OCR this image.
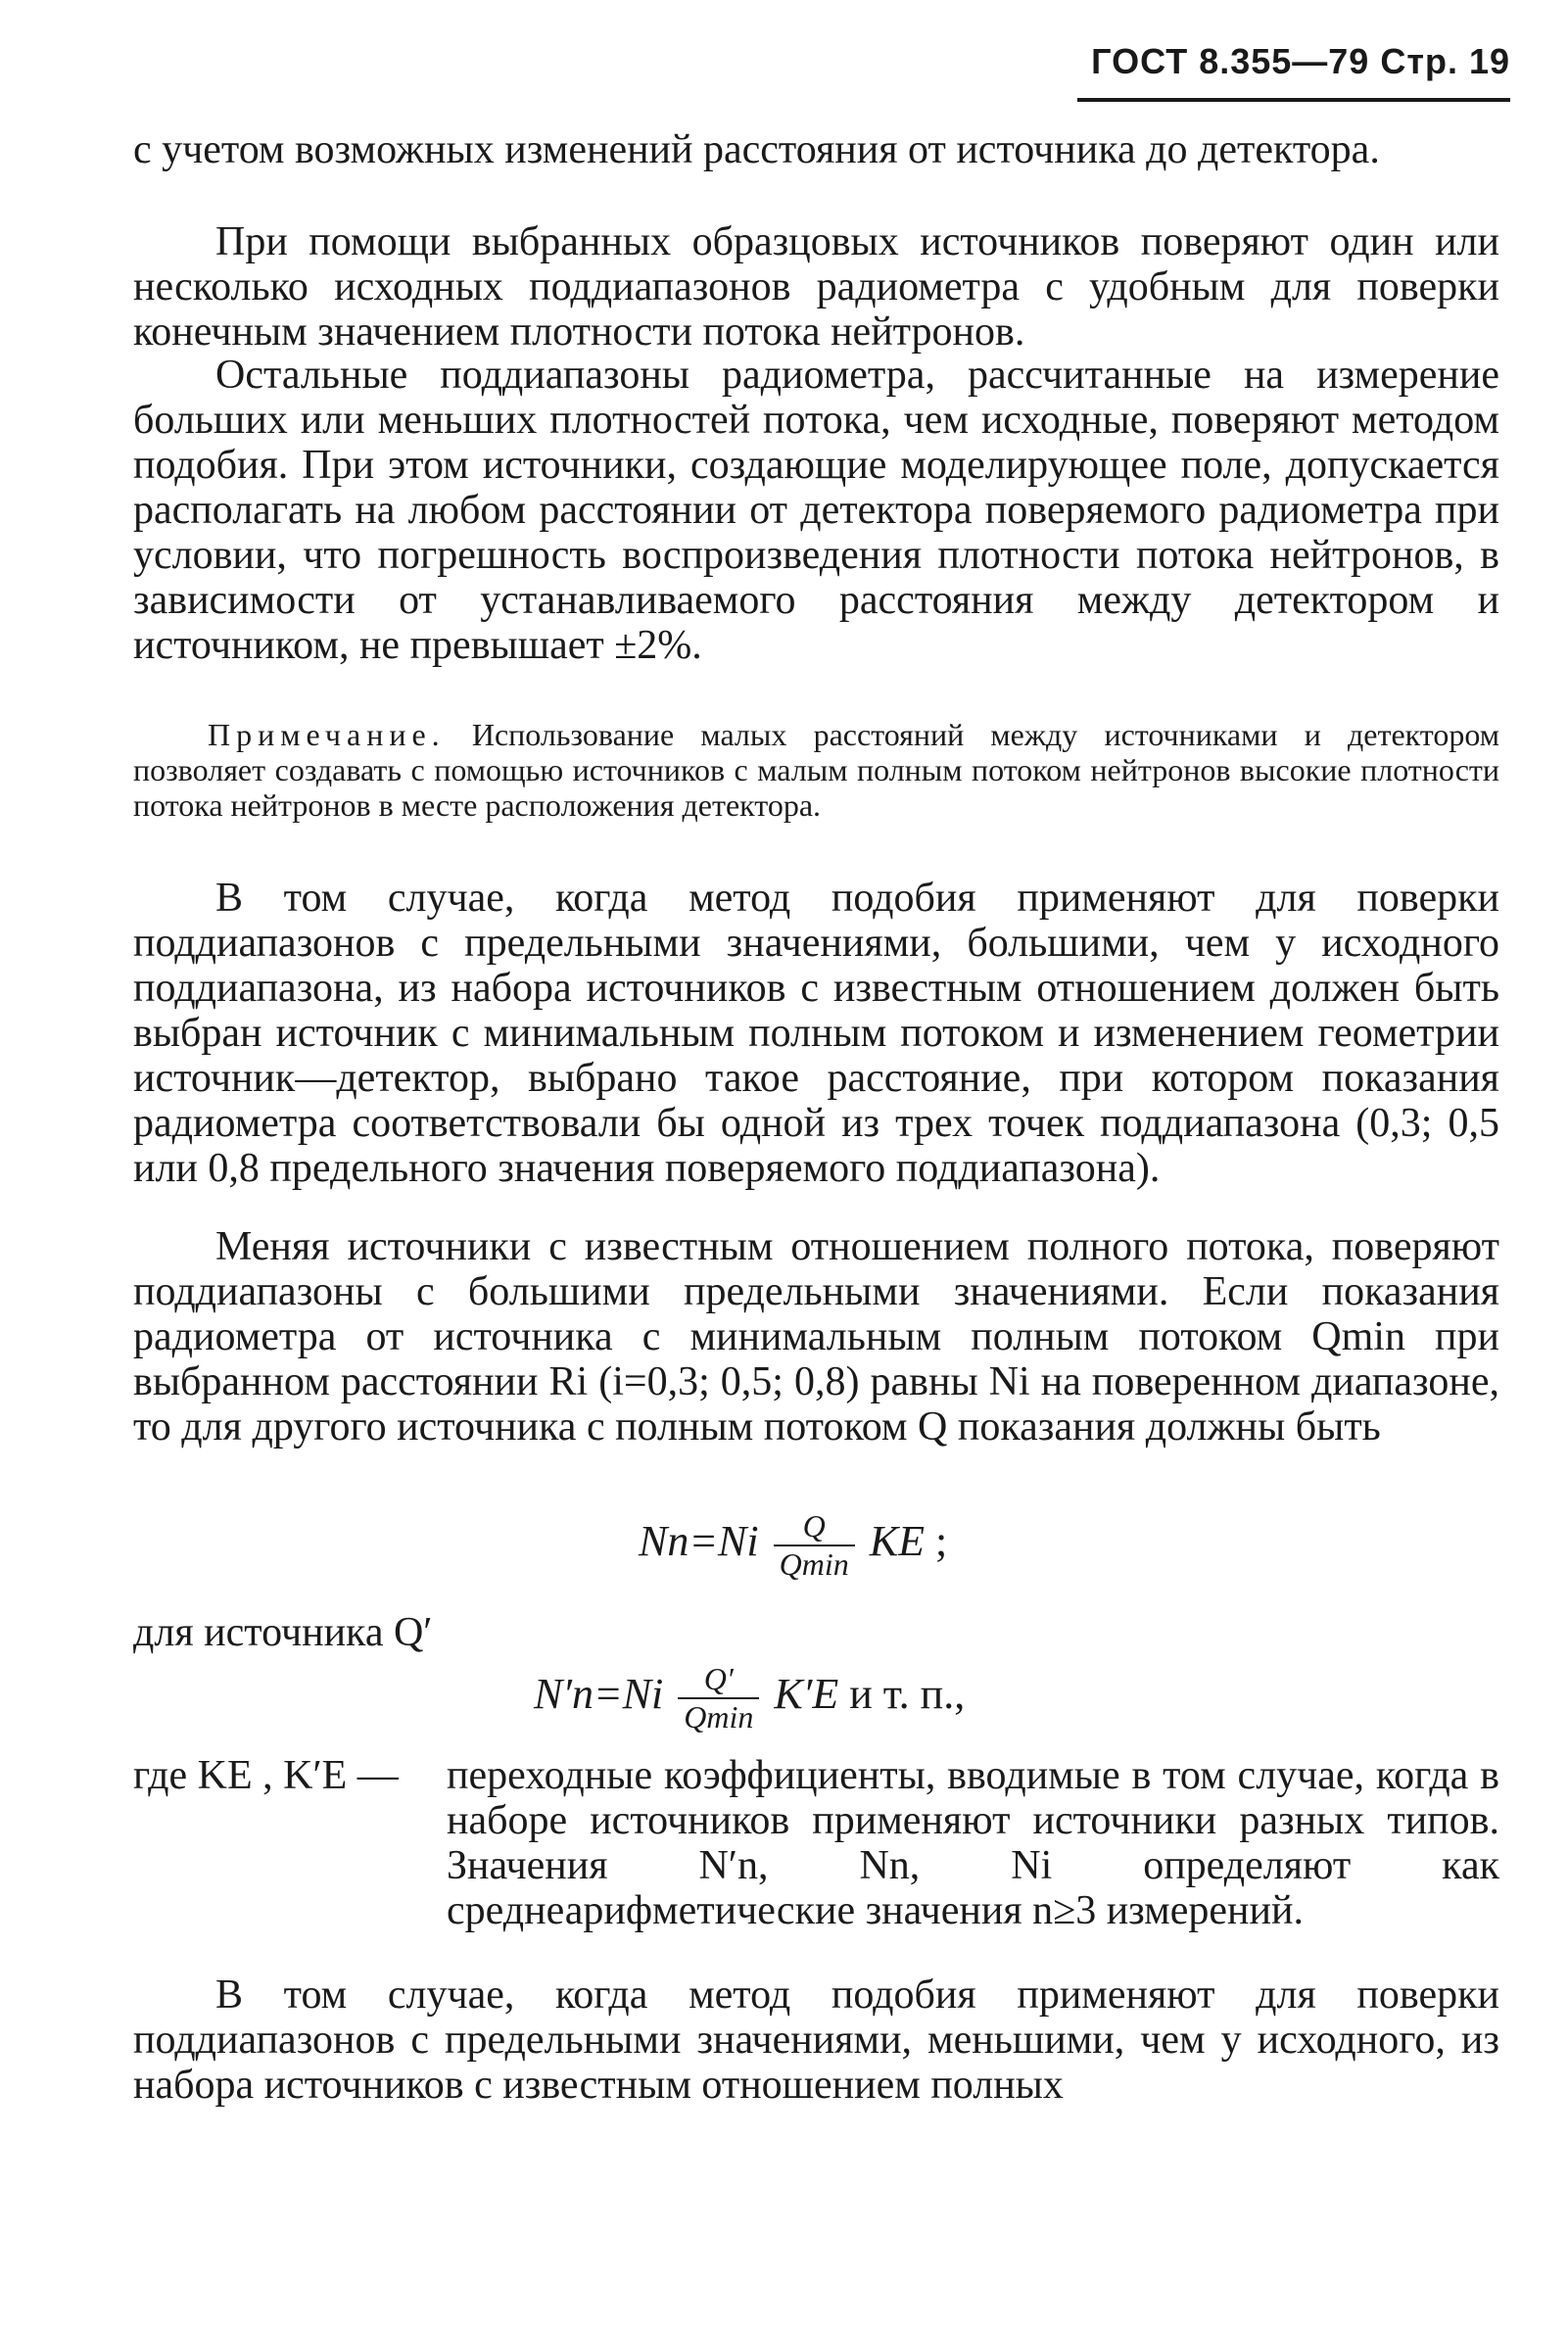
ГОСТ 8.355—79 Стр. 19

с учетом возможных изменений расстояния от источника до детектора.

При помощи выбранных образцовых источников поверяют один или несколько исходных поддиапазонов радиометра с удобным для поверки конечным значением плотности потока нейтронов.

Остальные поддиапазоны радиометра, рассчитанные на измерение больших или меньших плотностей потока, чем исходные, поверяют методом подобия. При этом источники, создающие моделирующее поле, допускается располагать на любом расстоянии от детектора поверяемого радиометра при условии, что погрешность воспроизведения плотности потока нейтронов, в зависимости от устанавливаемого расстояния между детектором и источником, не превышает ±2%.

Примечание. Использование малых расстояний между источниками и детектором позволяет создавать с помощью источников с малым полным потоком нейтронов высокие плотности потока нейтронов в месте расположения детектора.

В том случае, когда метод подобия применяют для поверки поддиапазонов с предельными значениями, большими, чем у исходного поддиапазона, из набора источников с известным отношением должен быть выбран источник с минимальным полным потоком и изменением геометрии источник—детектор, выбрано такое расстояние, при котором показания радиометра соответствовали бы одной из трех точек поддиапазона (0,3; 0,5 или 0,8 предельного значения поверяемого поддиапазона).

Меняя источники с известным отношением полного потока, поверяют поддиапазоны с большими предельными значениями. Если показания радиометра от источника с минимальным полным потоком Qmin при выбранном расстоянии Ri (i=0,3; 0,5; 0,8) равны Ni на поверенном диапазоне, то для другого источника с полным потоком Q показания должны быть

$Nn=Ni \frac{Q}{Qmin}$ KE ;

для источника Q′

$N'n=Ni \frac{Q'}{Qmin} K'E$ и т. п.,
где KE , K′E — переходные коэффициенты, вводимые в том случае, когда в наборе источников применяют источники разных типов. Значения N′n, Nn, Ni определяют как среднеарифметические значения n≥3 измерений.

В том случае, когда метод подобия применяют для поверки поддиапазонов с предельными значениями, меньшими, чем у исходного, из набора источников с известным отношением полных
